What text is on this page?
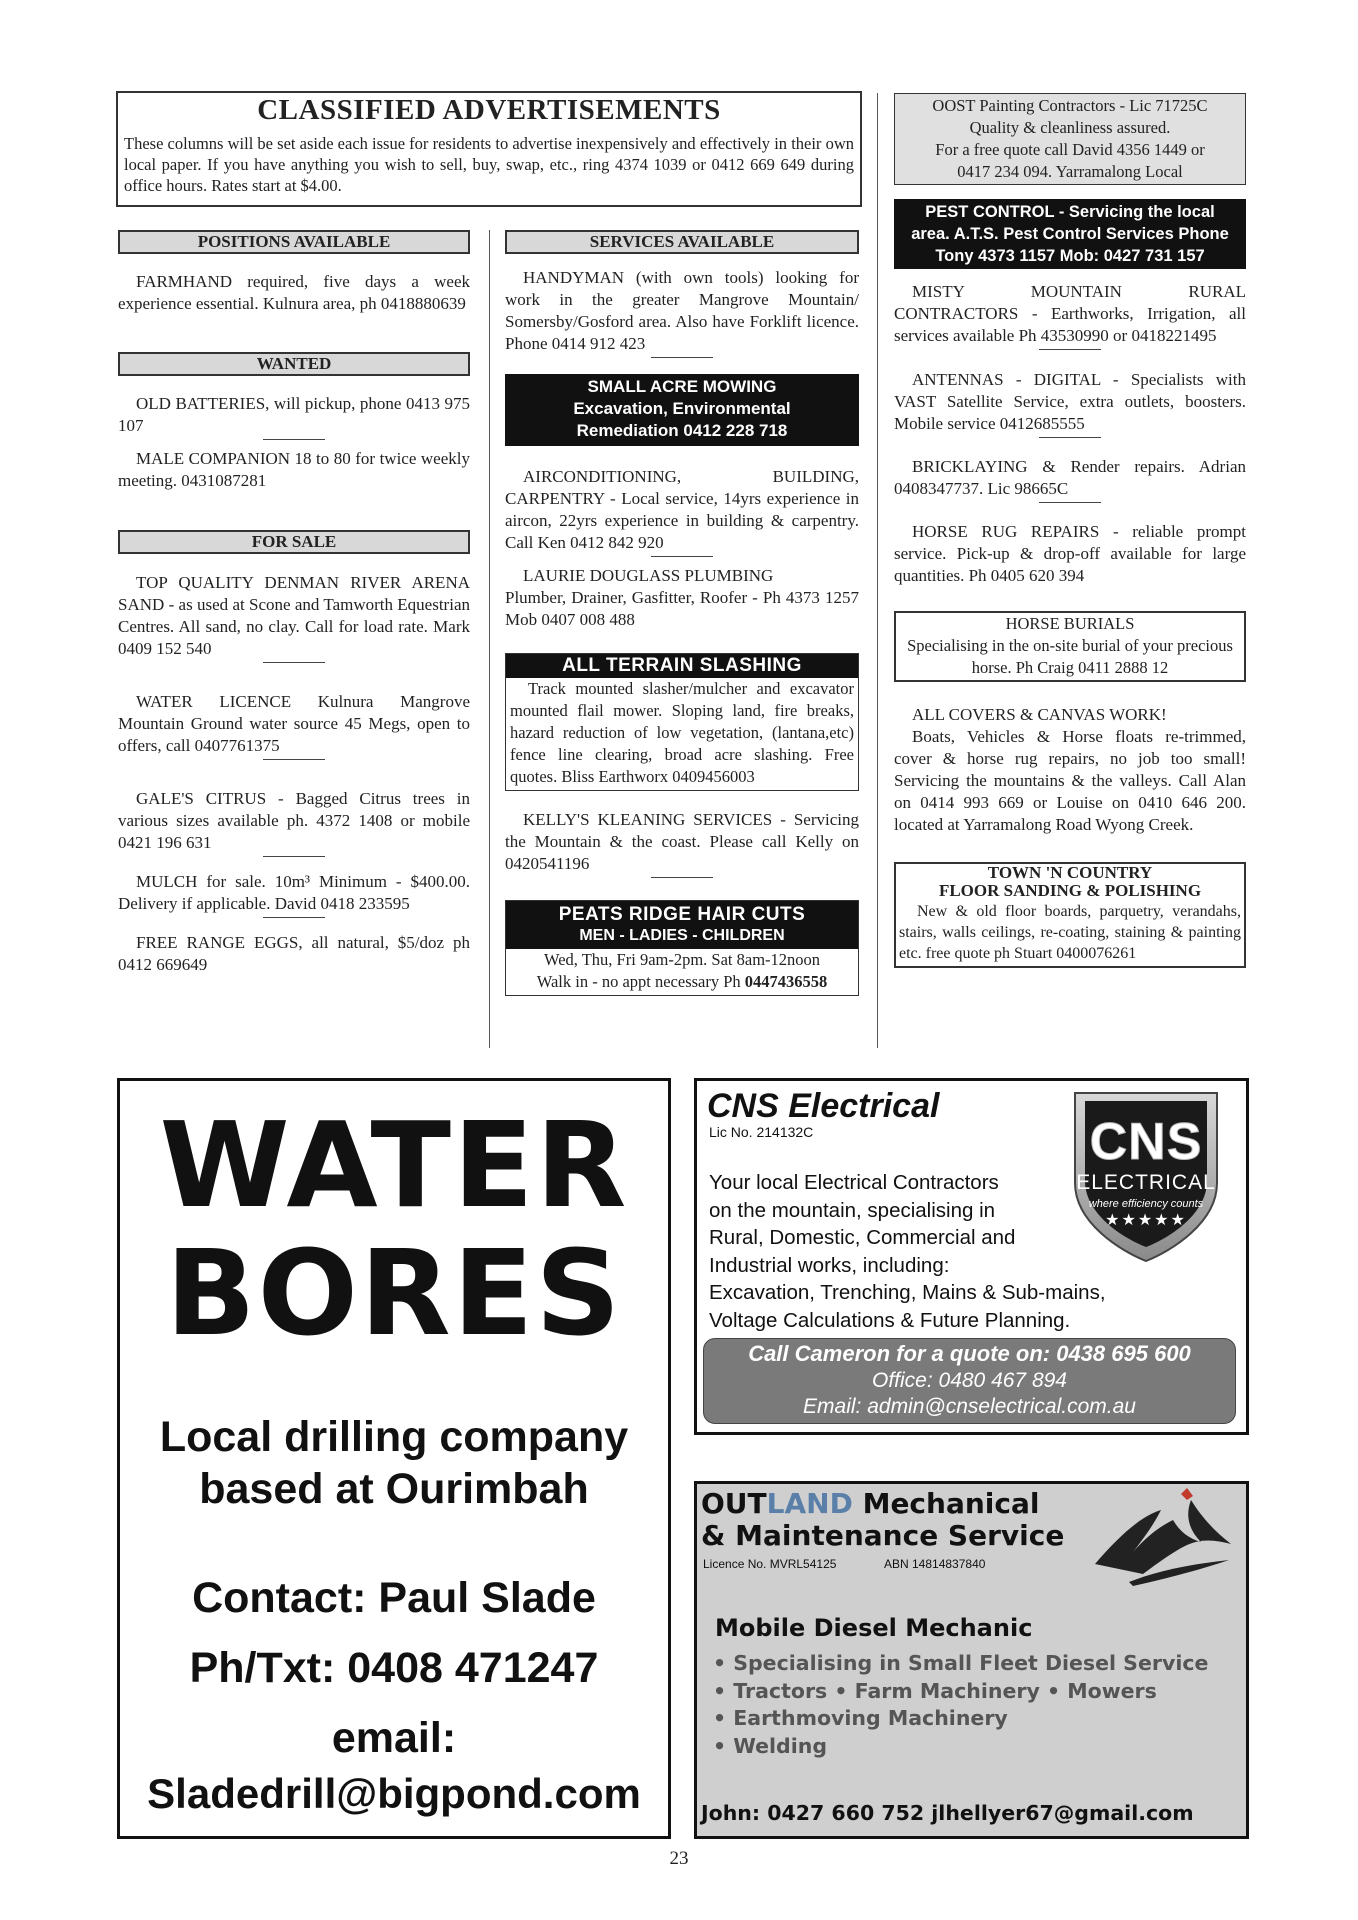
CLASSIFIED ADVERTISEMENTS

These columns will be set aside each issue for residents to advertise inexpensively and effectively in their own local paper. If you have anything you wish to sell, buy, swap, etc., ring 4374 1039 or 0412 669 649 during office hours. Rates start at $4.00.

POSITIONS AVAILABLE

FARMHAND required, five days a week experience essential. Kulnura area, ph 0418880639

WANTED

OLD BATTERIES, will pickup, phone 0413 975 107

MALE COMPANION 18 to 80 for twice weekly meeting. 0431087281

FOR SALE

TOP QUALITY DENMAN RIVER ARENA SAND - as used at Scone and Tamworth Equestrian Centres. All sand, no clay. Call for load rate. Mark 0409 152 540

WATER LICENCE Kulnura Mangrove Mountain Ground water source 45 Megs, open to offers, call 0407761375

GALE'S CITRUS - Bagged Citrus trees in various sizes available ph. 4372 1408 or mobile 0421 196 631

MULCH for sale. 10m³ Minimum - $400.00. Delivery if applicable. David 0418 233595

FREE RANGE EGGS, all natural, $5/doz ph 0412 669649

SERVICES AVAILABLE

HANDYMAN (with own tools) looking for work in the greater Mangrove Mountain/ Somersby/Gosford area. Also have Forklift licence. Phone 0414 912 423

SMALL ACRE MOWING
Excavation, Environmental
Remediation 0412 228 718

AIRCONDITIONING, BUILDING, CARPENTRY - Local service, 14yrs experience in aircon, 22yrs experience in building & carpentry. Call Ken 0412 842 920

LAURIE DOUGLASS PLUMBING
Plumber, Drainer, Gasfitter, Roofer - Ph 4373 1257 Mob 0407 008 488

ALL TERRAIN SLASHING

Track mounted slasher/mulcher and excavator mounted flail mower. Sloping land, fire breaks, hazard reduction of low vegetation, (lantana,etc) fence line clearing, broad acre slashing. Free quotes. Bliss Earthworx 0409456003

KELLY'S KLEANING SERVICES - Servicing the Mountain & the coast. Please call Kelly on 0420541196

PEATS RIDGE HAIR CUTS
MEN - LADIES - CHILDREN
Wed, Thu, Fri 9am-2pm. Sat 8am-12noon
Walk in - no appt necessary Ph 0447436558
OOST Painting Contractors - Lic 71725C
Quality & cleanliness assured.
For a free quote call David 4356 1449 or
0417 234 094. Yarramalong Local
PEST CONTROL - Servicing the local
area. A.T.S. Pest Control Services Phone
Tony 4373 1157 Mob: 0427 731 157

MISTY MOUNTAIN RURAL CONTRACTORS - Earthworks, Irrigation, all services available Ph 43530990 or 0418221495

ANTENNAS - DIGITAL - Specialists with VAST Satellite Service, extra outlets, boosters. Mobile service 0412685555

BRICKLAYING & Render repairs. Adrian 0408347737. Lic 98665C

HORSE RUG REPAIRS - reliable prompt service. Pick-up & drop-off available for large quantities. Ph 0405 620 394

HORSE BURIALS
Specialising in the on-site burial of your precious horse. Ph Craig 0411 2888 12

ALL COVERS & CANVAS WORK!
Boats, Vehicles & Horse floats re-trimmed, cover & horse rug repairs, no job too small! Servicing the mountains & the valleys. Call Alan on 0414 993 669 or Louise on 0410 646 200. located at Yarramalong Road Wyong Creek.

TOWN 'N COUNTRY
FLOOR SANDING & POLISHING

New & old floor boards, parquetry, verandahs, stairs, walls ceilings, re-coating, staining & painting etc. free quote ph Stuart 0400076261

WATER
BORES
Local drilling company
based at Ourimbah
Contact: Paul Slade
Ph/Txt: 0408 471247
email:
Sladedrill@bigpond.com
CNS Electrical
Lic No. 214132C	CNS
ELECTRICAL
where efficiency counts
★★★★★
Your local Electrical Contractors
on the mountain, specialising in
Rural, Domestic, Commercial and
Industrial works, including:
Excavation, Trenching, Mains & Sub-mains,
Voltage Calculations & Future Planning.
Call Cameron for a quote on: 0438 695 600
Office: 0480 467 894
Email: admin@cnselectrical.com.au
OUTLAND Mechanical
& Maintenance Service
Licence No. MVRL54125	ABN 14814837840
Mobile Diesel Mechanic
• Specialising in Small Fleet Diesel Service
• Tractors • Farm Machinery • Mowers
• Earthmoving Machinery
• Welding
John: 0427 660 752 jlhellyer67@gmail.com
23
